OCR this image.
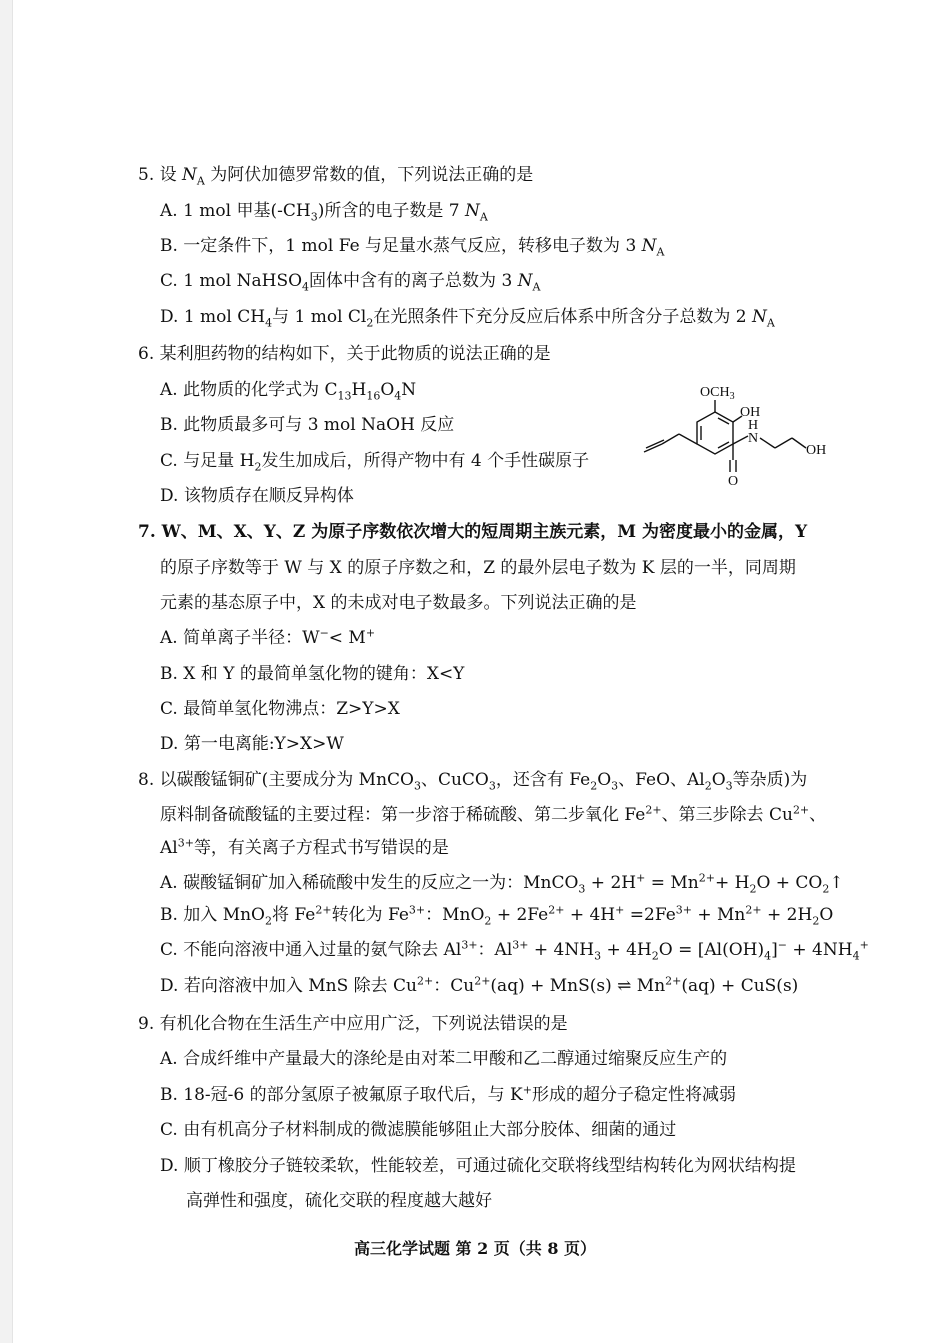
5. 设 $N_A$ 为阿伏加德罗常数的值，下列说法正确的是
A. 1 mol 甲基$(-CH_3)$所含的电子数是 7 $N_A$
B. 一定条件下，1 mol Fe 与足量水蒸气反应，转移电子数为 3 $N_A$
C. 1 mol NaHSO$_4$固体中含有的离子总数为 3 $N_A$
D. 1 mol $CH_4$与 1 mol $Cl_2$在光照条件下充分反应后体系中所含分子总数为 2 $N_A$
6. 某利胆药物的结构如下，关于此物质的说法正确的是
A. 此物质的化学式为 $C_{13}H_{16}O_4N$
B. 此物质最多可与 3 mol NaOH 反应
C. 与足量 $H_2$发生加成后，所得产物中有 4 个手性碳原子
D. 该物质存在顺反异构体
$OCH_3$
OH
H
N
OH
O
7. W、M、X、Y、Z 为原子序数依次增大的短周期主族元素，M 为密度最小的金属，Y
的原子序数等于 W 与 X 的原子序数之和，Z 的最外层电子数为 K 层的一半，同周期
元素的基态原子中，X 的未成对电子数最多。下列说法正确的是
A. 简单离子半径：W−< M+
B. X 和 Y 的最简单氢化物的键角：X<Y
C. 最简单氢化物沸点：Z>Y>X
D. 第一电离能:Y>X>W
8. 以碳酸锰铜矿(主要成分为 MnCO$_3$、CuCO$_3$，还含有 $Fe_2O_3$、FeO、$Al_2O_3$等杂质)为
原料制备硫酸锰的主要过程：第一步溶于稀硫酸、第二步氧化 $Fe^{2+}$、第三步除去 $Cu^{2+}$、
$Al^{3+}$等，有关离子方程式书写错误的是
A. 碳酸锰铜矿加入稀硫酸中发生的反应之一为：MnCO$_3$ + $2H^+ = Mn^{2+}+ H_2O$ + $CO_2↑$
B. 加入 MnO$_2$将 $Fe^{2+}$转化为 $Fe^{3+}$：$MnO_2 + 2Fe^{2+} + 4H^+ =2Fe^{3+} + Mn^{2+} + 2H_2O$
C. 不能向溶液中通入过量的氨气除去 $Al^{3+}$：$Al^{3+} + 4NH_3 + 4H_2O = [Al(OH)_4]^- + 4NH_4^+$
D. 若向溶液中加入 MnS 除去 $Cu^{2+}$：$Cu^{2+}(aq) + MnS(s)$ ⇌ $Mn^{2+}(aq) + CuS(s)$
9. 有机化合物在生活生产中应用广泛，下列说法错误的是
A. 合成纤维中产量最大的涤纶是由对苯二甲酸和乙二醇通过缩聚反应生产的
B. 18-冠-6 的部分氢原子被氟原子取代后，与 K+形成的超分子稳定性将减弱
C. 由有机高分子材料制成的微滤膜能够阻止大部分胶体、细菌的通过
D. 顺丁橡胶分子链较柔软，性能较差，可通过硫化交联将线型结构转化为网状结构提
高弹性和强度，硫化交联的程度越大越好
高三化学试题 第 2 页（共 8 页）
